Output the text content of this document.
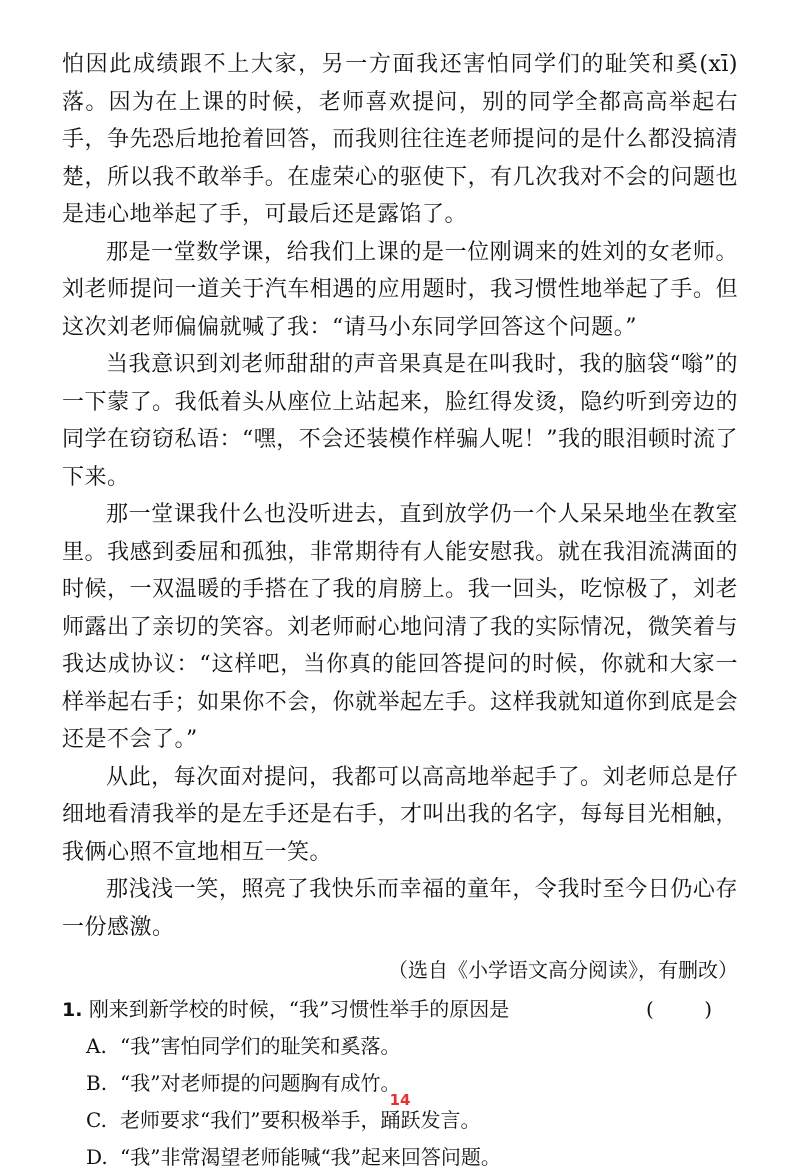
怕因此成绩跟不上大家，另一方面我还害怕同学们的耻笑和奚(xī)落。因为在上课的时候，老师喜欢提问，别的同学全都高高举起右手，争先恐后地抢着回答，而我则往往连老师提问的是什么都没搞清楚，所以我不敢举手。在虚荣心的驱使下，有几次我对不会的问题也是违心地举起了手，可最后还是露馅了。

那是一堂数学课，给我们上课的是一位刚调来的姓刘的女老师。刘老师提问一道关于汽车相遇的应用题时，我习惯性地举起了手。但这次刘老师偏偏就喊了我：“请马小东同学回答这个问题。”

当我意识到刘老师甜甜的声音果真是在叫我时，我的脑袋“嗡”的一下蒙了。我低着头从座位上站起来，脸红得发烫，隐约听到旁边的同学在窃窃私语：“嘿，不会还装模作样骗人呢！”我的眼泪顿时流了下来。

那一堂课我什么也没听进去，直到放学仍一个人呆呆地坐在教室里。我感到委屈和孤独，非常期待有人能安慰我。就在我泪流满面的时候，一双温暖的手搭在了我的肩膀上。我一回头，吃惊极了，刘老师露出了亲切的笑容。刘老师耐心地问清了我的实际情况，微笑着与我达成协议：“这样吧，当你真的能回答提问的时候，你就和大家一样举起右手；如果你不会，你就举起左手。这样我就知道你到底是会还是不会了。”

从此，每次面对提问，我都可以高高地举起手了。刘老师总是仔细地看清我举的是左手还是右手，才叫出我的名字，每每目光相触，我俩心照不宣地相互一笑。

那浅浅一笑，照亮了我快乐而幸福的童年，令我时至今日仍心存一份感激。

（选自《小学语文高分阅读》，有删改）

1. 刚来到新学校的时候，“我”习惯性举手的原因是	( )
A. “我”害怕同学们的耻笑和奚落。
B. “我”对老师提的问题胸有成竹。
C. 老师要求“我们”要积极举手，踊跃发言。
D. “我”非常渴望老师能喊“我”起来回答问题。
14
